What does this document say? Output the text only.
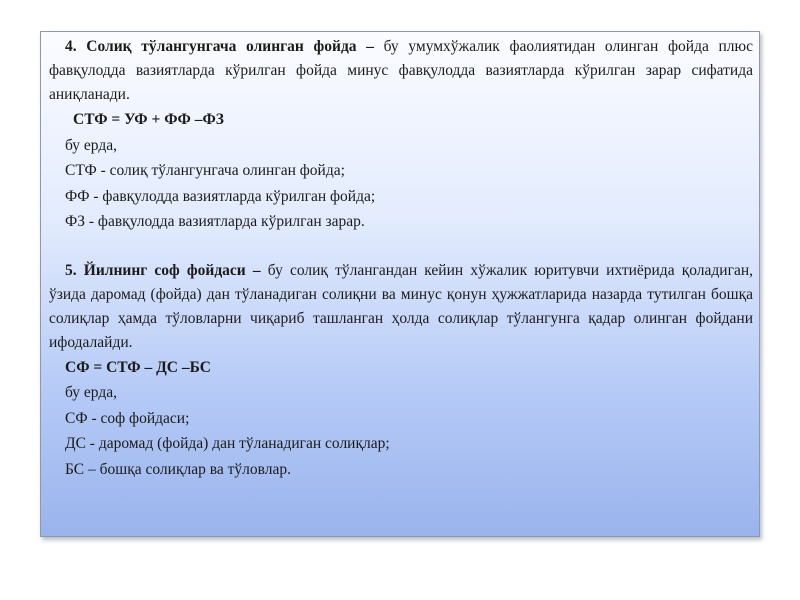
4. Солиқ тўлангунгача олинган фойда – бу умумхўжалик фаолиятидан олинган фойда плюс фавқулодда вазиятларда кўрилган фойда минус фавқулодда вазиятларда кўрилган зарар сифатида аниқланади.

СТФ = УФ + ФФ –ФЗ

бу ерда,

СТФ - солиқ тўлангунгача олинган фойда;

ФФ - фавқулодда вазиятларда кўрилган фойда;

ФЗ - фавқулодда вазиятларда кўрилган зарар.

5. Йилнинг соф фойдаси – бу солиқ тўлангандан кейин хўжалик юритувчи ихтиёрида қоладиган, ўзида даромад (фойда) дан тўланадиган солиқни ва минус қонун ҳужжатларида назарда тутилган бошқа солиқлар ҳамда тўловларни чиқариб ташланган ҳолда солиқлар тўлангунга қадар олинган фойдани ифодалайди.

СФ = СТФ – ДС –БС

бу ерда,

СФ - соф фойдаси;

ДС - даромад (фойда) дан тўланадиган солиқлар;

БС – бошқа солиқлар ва тўловлар.
